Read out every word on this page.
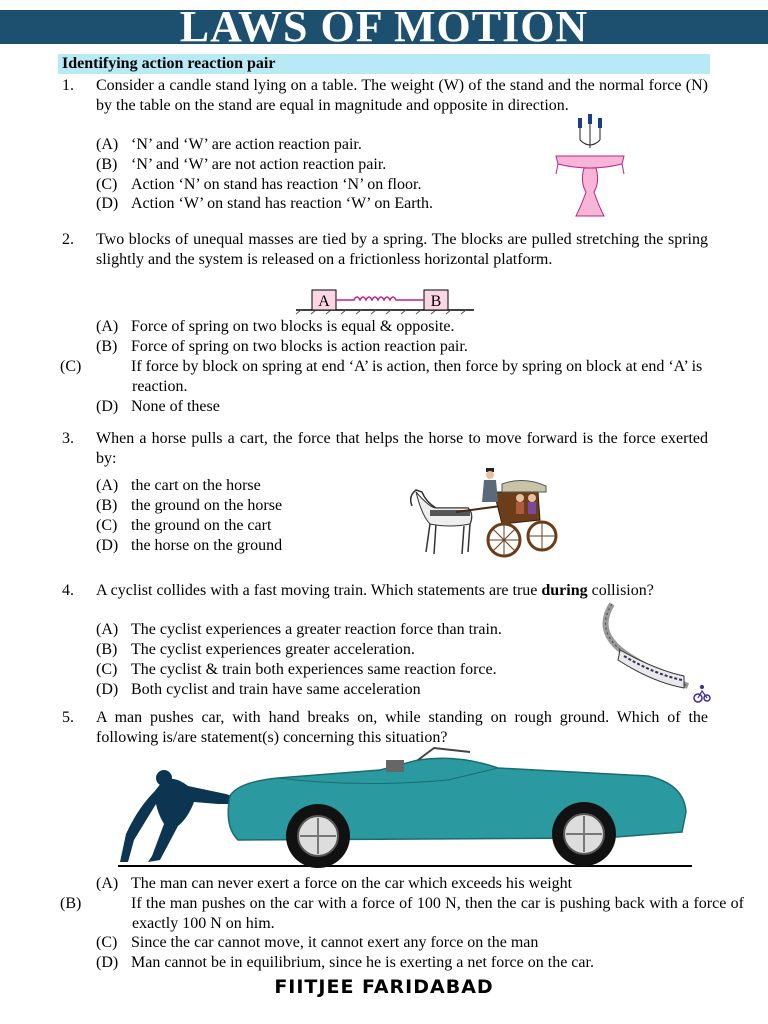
LAWS OF MOTION
Identifying action reaction pair
1. Consider a candle stand lying on a table. The weight (W) of the stand and the normal force (N) by the table on the stand are equal in magnitude and opposite in direction.
(A) ‘N’ and ‘W’ are action reaction pair.
(B) ‘N’ and ‘W’ are not action reaction pair.
(C) Action ‘N’ on stand has reaction ‘N’ on floor.
(D) Action ‘W’ on stand has reaction ‘W’ on Earth.
2. Two blocks of unequal masses are tied by a spring. The blocks are pulled stretching the spring slightly and the system is released on a frictionless horizontal platform.
A	B
(A) Force of spring on two blocks is equal & opposite.
(B) Force of spring on two blocks is action reaction pair.
(C)	If force by block on spring at end ‘A’ is action, then force by spring on block at end ‘A’ is reaction.
(D) None of these
3. When a horse pulls a cart, the force that helps the horse to move forward is the force exerted by:
(A) the cart on the horse
(B) the ground on the horse
(C) the ground on the cart
(D) the horse on the ground
4. A cyclist collides with a fast moving train. Which statements are true during collision?
(A) The cyclist experiences a greater reaction force than train.
(B) The cyclist experiences greater acceleration.
(C) The cyclist & train both experiences same reaction force.
(D) Both cyclist and train have same acceleration
5. A man pushes car, with hand breaks on, while standing on rough ground. Which of the following is/are statement(s) concerning this situation?
(A) The man can never exert a force on the car which exceeds his weight
(B)	If the man pushes on the car with a force of 100 N, then the car is pushing back with a force of exactly 100 N on him.
(C) Since the car cannot move, it cannot exert any force on the man
(D) Man cannot be in equilibrium, since he is exerting a net force on the car.
FIITJEE FARIDABAD
